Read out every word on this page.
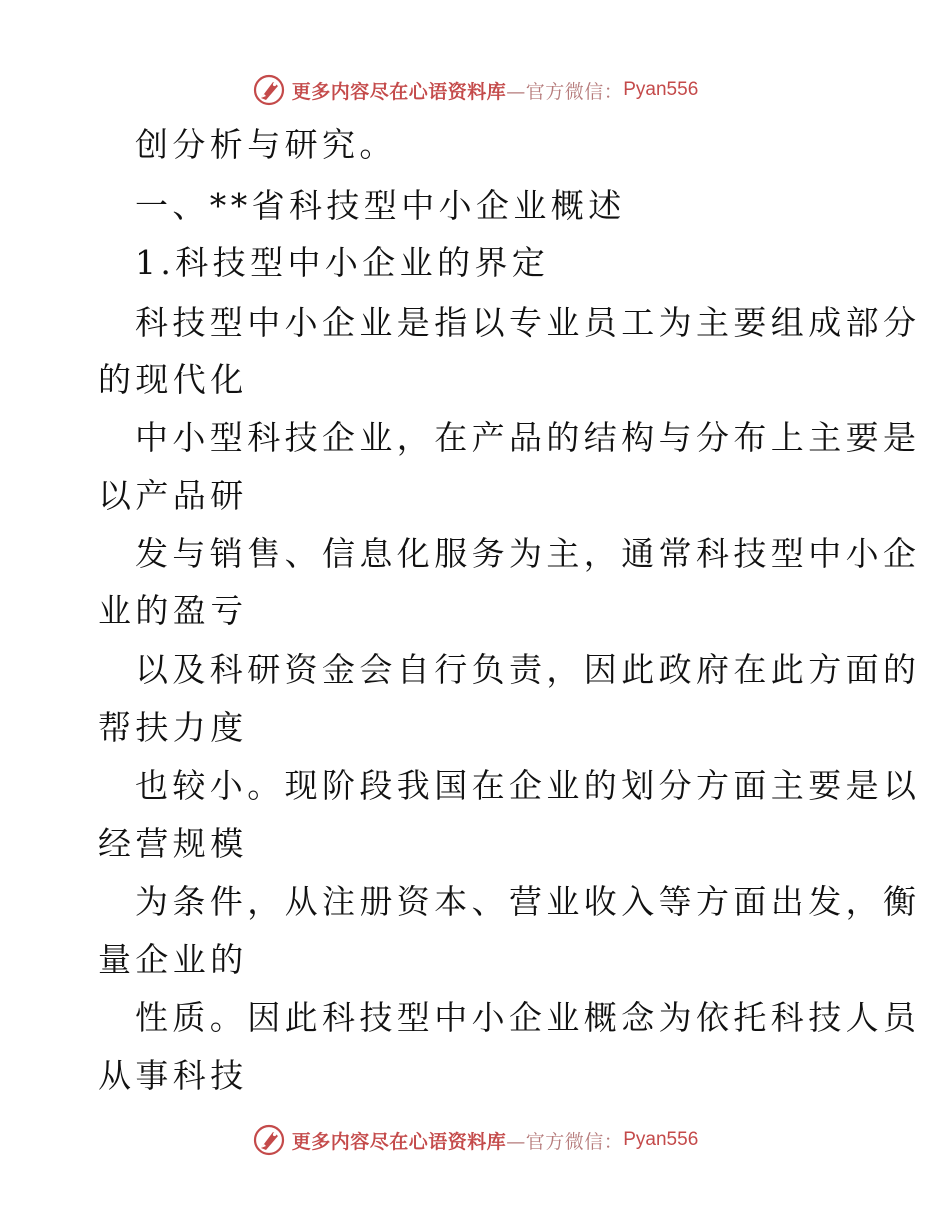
更多内容尽在心语资料库 —官方微信： Pyan556
创分析与研究。
一、**省科技型中小企业概述
1.科技型中小企业的界定
科技型中小企业是指以专业员工为主要组成部分
的现代化
中小型科技企业，在产品的结构与分布上主要是
以产品研
发与销售、信息化服务为主，通常科技型中小企
业的盈亏
以及科研资金会自行负责，因此政府在此方面的
帮扶力度
也较小。现阶段我国在企业的划分方面主要是以
经营规模
为条件，从注册资本、营业收入等方面出发，衡
量企业的
性质。因此科技型中小企业概念为依托科技人员
从事科技
更多内容尽在心语资料库 —官方微信： Pyan556
